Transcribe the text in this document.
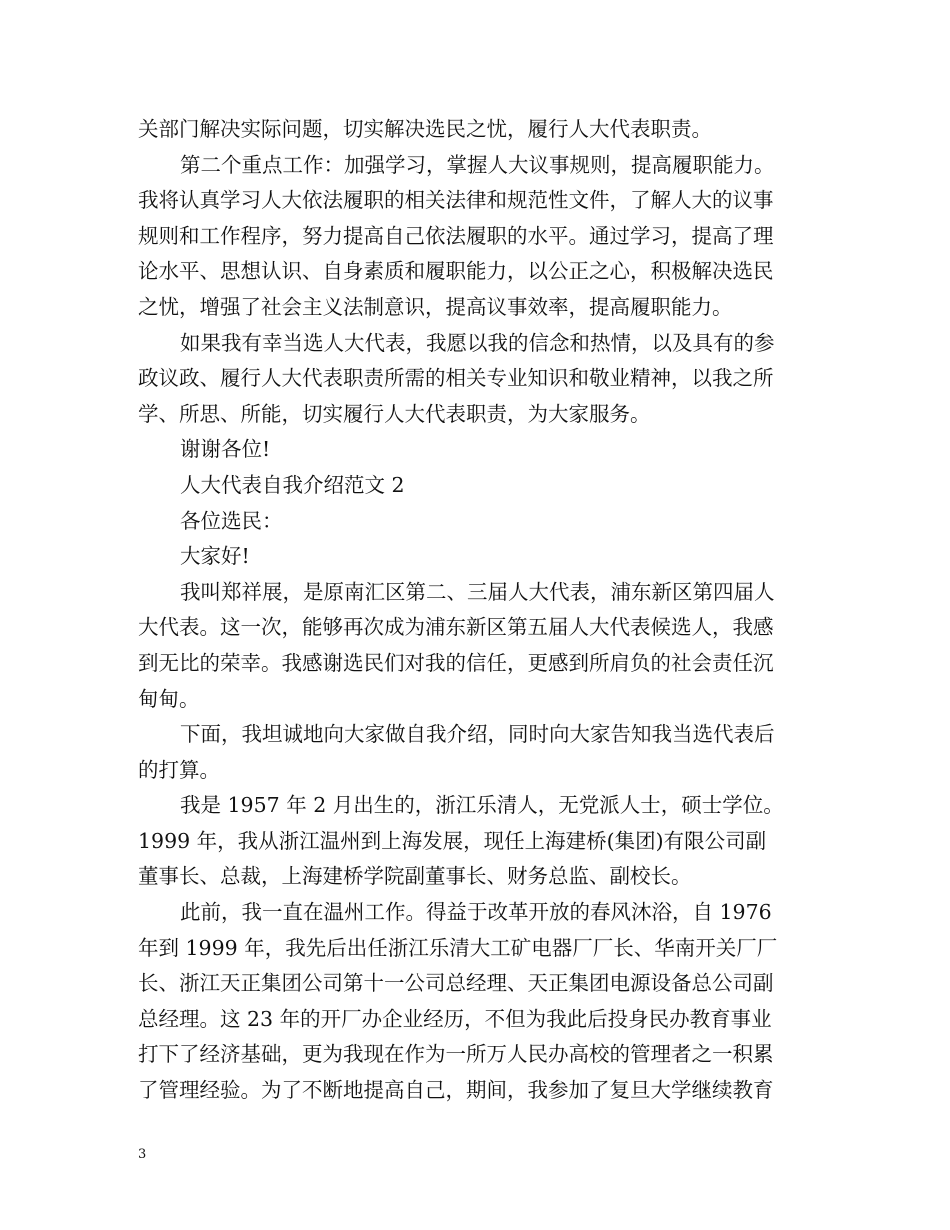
关部门解决实际问题，切实解决选民之忧，履行人大代表职责。
第二个重点工作：加强学习，掌握人大议事规则，提高履职能力。
我将认真学习人大依法履职的相关法律和规范性文件，了解人大的议事
规则和工作程序，努力提高自己依法履职的水平。通过学习，提高了理
论水平、思想认识、自身素质和履职能力，以公正之心，积极解决选民
之忧，增强了社会主义法制意识，提高议事效率，提高履职能力。
如果我有幸当选人大代表，我愿以我的信念和热情，以及具有的参
政议政、履行人大代表职责所需的相关专业知识和敬业精神，以我之所
学、所思、所能，切实履行人大代表职责，为大家服务。
谢谢各位!
人大代表自我介绍范文 2
各位选民：
大家好!
我叫郑祥展，是原南汇区第二、三届人大代表，浦东新区第四届人
大代表。这一次，能够再次成为浦东新区第五届人大代表候选人，我感
到无比的荣幸。我感谢选民们对我的信任，更感到所肩负的社会责任沉
甸甸。
下面，我坦诚地向大家做自我介绍，同时向大家告知我当选代表后
的打算。
我是 1957 年 2 月出生的，浙江乐清人，无党派人士，硕士学位。
1999 年，我从浙江温州到上海发展，现任上海建桥(集团)有限公司副
董事长、总裁，上海建桥学院副董事长、财务总监、副校长。
此前，我一直在温州工作。得益于改革开放的春风沐浴，自 1976
年到 1999 年，我先后出任浙江乐清大工矿电器厂厂长、华南开关厂厂
长、浙江天正集团公司第十一公司总经理、天正集团电源设备总公司副
总经理。这 23 年的开厂办企业经历，不但为我此后投身民办教育事业
打下了经济基础，更为我现在作为一所万人民办高校的管理者之一积累
了管理经验。为了不断地提高自己，期间，我参加了复旦大学继续教育
3
